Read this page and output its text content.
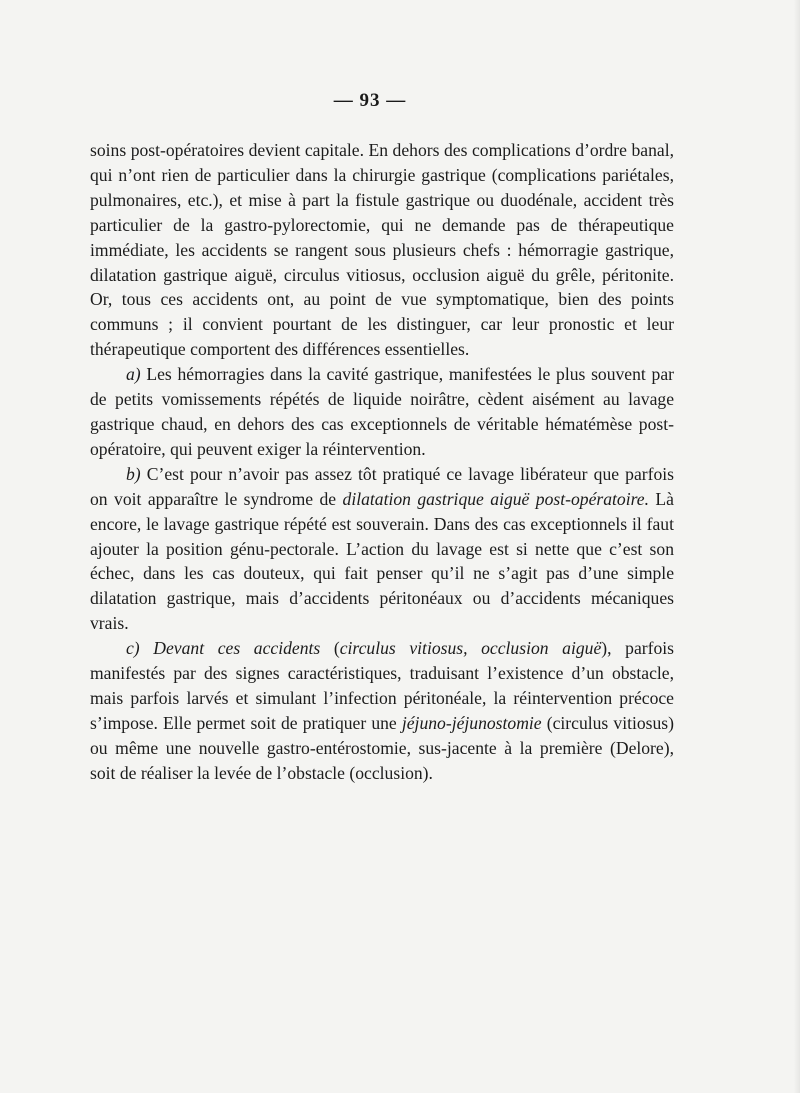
— 93 —

soins post-opératoires devient capitale. En dehors des complications d’ordre banal, qui n’ont rien de particulier dans la chirurgie gastrique (complications pariétales, pulmonaires, etc.), et mise à part la fistule gastrique ou duodénale, accident très particulier de la gastro-pylorectomie, qui ne demande pas de thérapeutique immédiate, les accidents se rangent sous plusieurs chefs : hémorragie gastrique, dilatation gastrique aiguë, circulus vitiosus, occlusion aiguë du grêle, péritonite. Or, tous ces accidents ont, au point de vue symptomatique, bien des points communs ; il convient pourtant de les distinguer, car leur pronostic et leur thérapeutique comportent des différences essentielles.

a) Les hémorragies dans la cavité gastrique, manifestées le plus souvent par de petits vomissements répétés de liquide noirâtre, cèdent aisément au lavage gastrique chaud, en dehors des cas exceptionnels de véritable hématémèse post-opératoire, qui peuvent exiger la réintervention.

b) C’est pour n’avoir pas assez tôt pratiqué ce lavage libérateur que parfois on voit apparaître le syndrome de dilatation gastrique aiguë post-opératoire. Là encore, le lavage gastrique répété est souverain. Dans des cas exceptionnels il faut ajouter la position génu-pectorale. L’action du lavage est si nette que c’est son échec, dans les cas douteux, qui fait penser qu’il ne s’agit pas d’une simple dilatation gastrique, mais d’accidents péritonéaux ou d’accidents mécaniques vrais.

c) Devant ces accidents (circulus vitiosus, occlusion aiguë), parfois manifestés par des signes caractéristiques, traduisant l’existence d’un obstacle, mais parfois larvés et simulant l’infection péritonéale, la réintervention précoce s’impose. Elle permet soit de pratiquer une jéjuno-jéjunostomie (circulus vitiosus) ou même une nouvelle gastro-entérostomie, sus-jacente à la première (Delore), soit de réaliser la levée de l’obstacle (occlusion).
